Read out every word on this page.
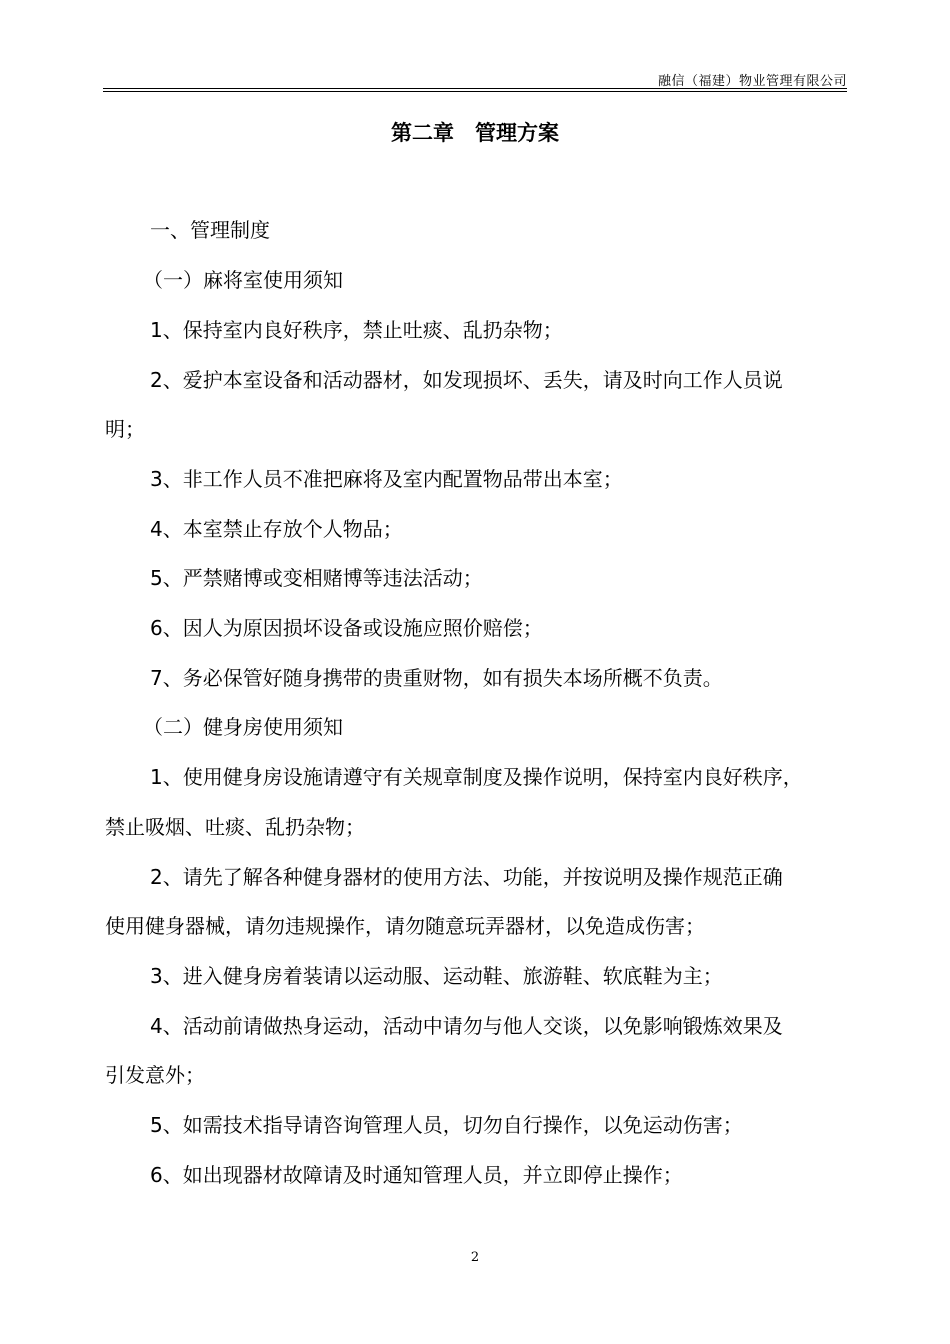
融信（福建）物业管理有限公司
第二章　管理方案
一、管理制度
（一）麻将室使用须知
1、保持室内良好秩序，禁止吐痰、乱扔杂物；
2、爱护本室设备和活动器材，如发现损坏、丢失，请及时向工作人员说
明；
3、非工作人员不准把麻将及室内配置物品带出本室；
4、本室禁止存放个人物品；
5、严禁赌博或变相赌博等违法活动；
6、因人为原因损坏设备或设施应照价赔偿；
7、务必保管好随身携带的贵重财物，如有损失本场所概不负责。
（二）健身房使用须知
1、使用健身房设施请遵守有关规章制度及操作说明，保持室内良好秩序，
禁止吸烟、吐痰、乱扔杂物；
2、请先了解各种健身器材的使用方法、功能，并按说明及操作规范正确
使用健身器械，请勿违规操作，请勿随意玩弄器材，以免造成伤害；
3、进入健身房着装请以运动服、运动鞋、旅游鞋、软底鞋为主；
4、活动前请做热身运动，活动中请勿与他人交谈，以免影响锻炼效果及
引发意外；
5、如需技术指导请咨询管理人员，切勿自行操作，以免运动伤害；
6、如出现器材故障请及时通知管理人员，并立即停止操作；
2
